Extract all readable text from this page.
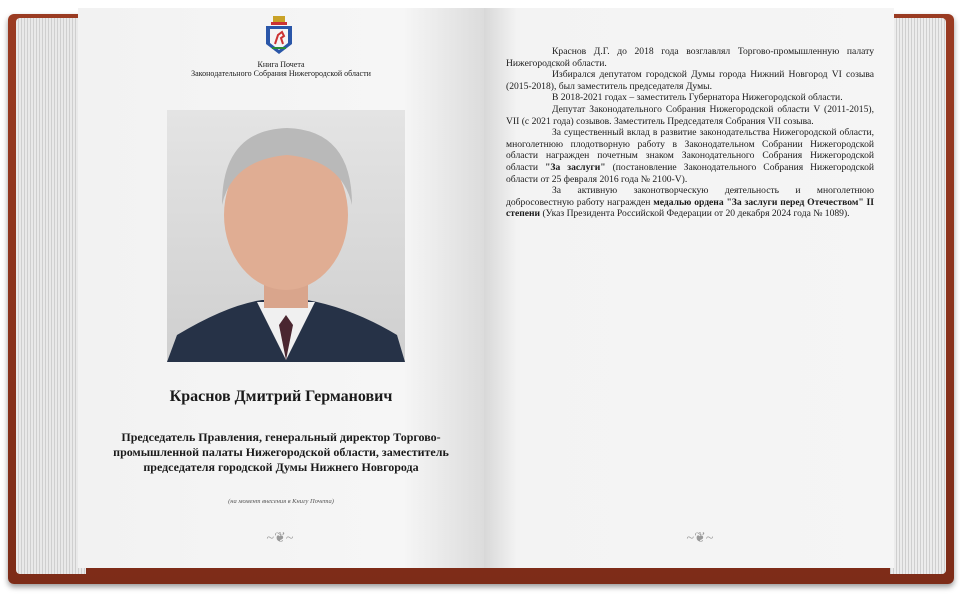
Книга Почета
Законодательного Собрания Нижегородской области
Краснов Дмитрий Германович
Председатель Правления, генеральный директор Торгово-промышленной палаты Нижегородской области, заместитель председателя городской Думы Нижнего Новгорода
(на момент внесения в Книгу Почета)
~❦~

Краснов Д.Г. до 2018 года возглавлял Торгово-промышленную палату Нижегородской области.

Избирался депутатом городской Думы города Нижний Новгород VI созыва (2015-2018), был заместитель председателя Думы.

В 2018-2021 годах – заместитель Губернатора Нижегородской области.

Депутат Законодательного Собрания Нижегородской области V (2011-2015), VII (с 2021 года) созывов. Заместитель Председателя Собрания VII созыва.

За существенный вклад в развитие законодательства Нижегородской области, многолетнюю плодотворную работу в Законодательном Собрании Нижегородской области награжден почетным знаком Законодательного Собрания Нижегородской области "За заслуги" (постановление Законодательного Собрания Нижегородской области от 25 февраля 2016 года № 2100-V).

За активную законотворческую деятельность и многолетнюю добросовестную работу награжден медалью ордена "За заслуги перед Отечеством" II степени (Указ Президента Российской Федерации от 20 декабря 2024 года № 1089).

~❦~
